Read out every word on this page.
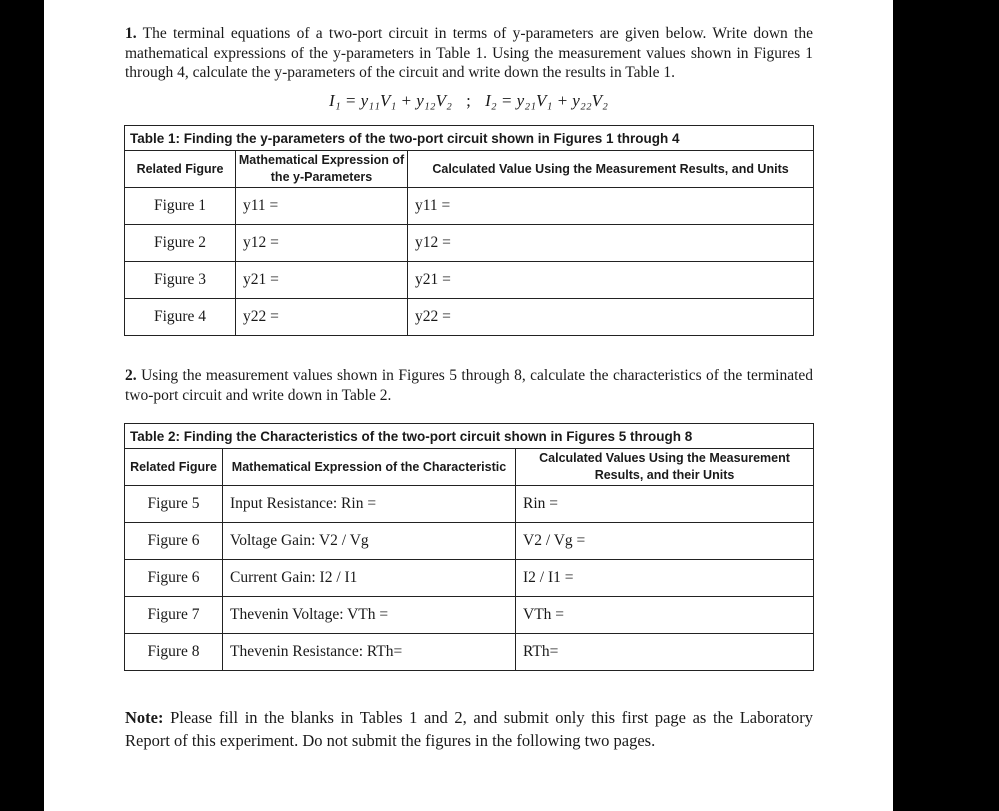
1. The terminal equations of a two-port circuit in terms of y-parameters are given below. Write down the mathematical expressions of the y-parameters in Table 1. Using the measurement values shown in Figures 1 through 4, calculate the y-parameters of the circuit and write down the results in Table 1.
I₁ = y₁₁V₁ + y₁₂V₂ ; I₂ = y₂₁V₁ + y₂₂V₂
Table 1: Finding the y-parameters of the two-port circuit shown in Figures 1 through 4		
Related Figure	Mathematical Expression of the y-Parameters	Calculated Value Using the Measurement Results, and Units
Figure 1	y11 =	y11 =
Figure 2	y12 =	y12 =
Figure 3	y21 =	y21 =
Figure 4	y22 =	y22 =
2. Using the measurement values shown in Figures 5 through 8, calculate the characteristics of the terminated two-port circuit and write down in Table 2.
Table 2: Finding the Characteristics of the two-port circuit shown in Figures 5 through 8		
Related Figure	Mathematical Expression of the Characteristic	Calculated Values Using the Measurement Results, and their Units
Figure 5	Input Resistance: Rin =	Rin =
Figure 6	Voltage Gain: V2 / Vg	V2 / Vg =
Figure 6	Current Gain: I2 / I1	I2 / I1 =
Figure 7	Thevenin Voltage: VTh =	VTh =
Figure 8	Thevenin Resistance: RTh=	RTh=
Note: Please fill in the blanks in Tables 1 and 2, and submit only this first page as the Laboratory Report of this experiment. Do not submit the figures in the following two pages.
